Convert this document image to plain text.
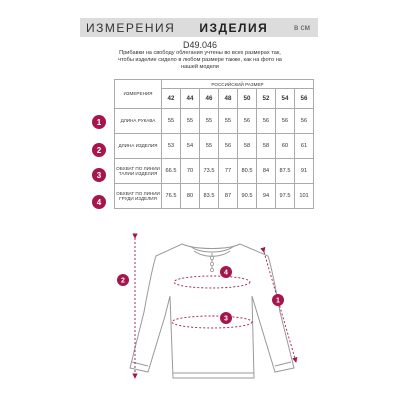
ИЗМЕРЕНИЯ ИЗДЕЛИЯ	в см
D49.046
Прибавки на свободу облегания учтены во всех размерах так, чтобы изделие сидело в любом размере также, как на фото на нашей модели
1
2
3
4
ИЗМЕРЕНИЯ	РОССИЙСКИЙ РАЗМЕР							
	42	44	46	48	50	52	54	56
ДЛИНА РУКАВА	55	55	55	55	56	56	56	56
ДЛИНА ИЗДЕЛИЯ	53	54	55	56	58	58	60	61
ОБХВАТ ПО ЛИНИИ ТАЛИИ ИЗДЕЛИЯ	66.5	70	73.5	77	80.5	84	87.5	91
ОБХВАТ ПО ЛИНИИ ГРУДИ ИЗДЕЛИЯ	76.5	80	83.5	87	90.5	94	97.5	101
1
2
3
4
